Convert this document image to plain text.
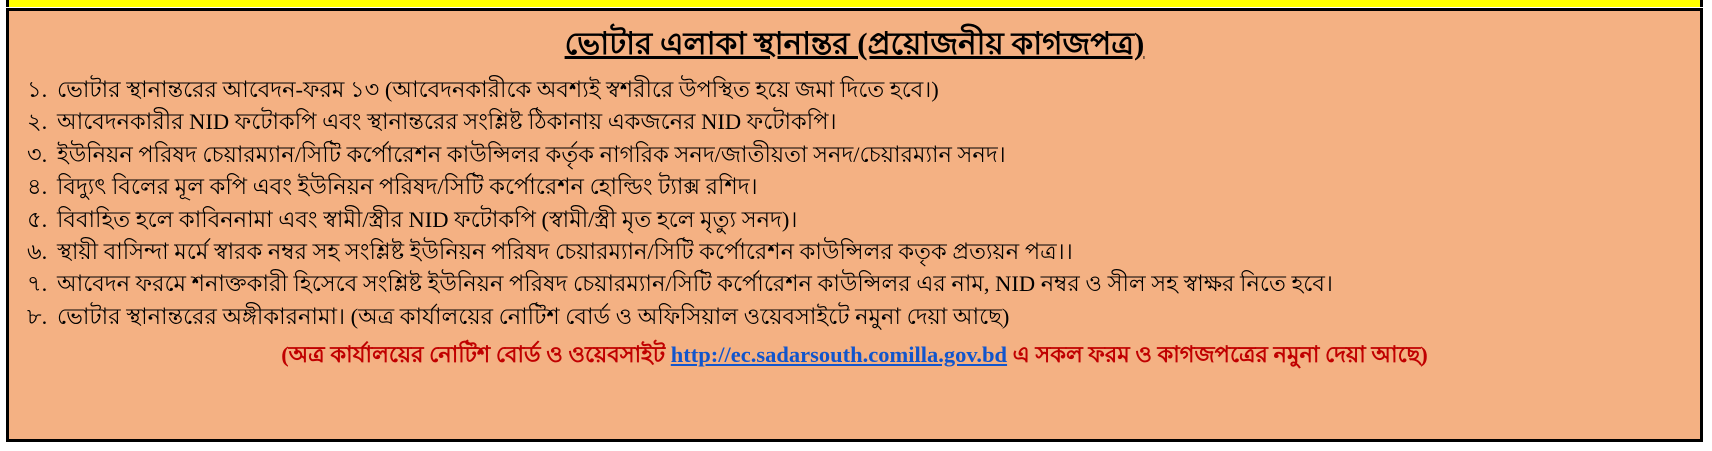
ভোটার এলাকা স্থানান্তর (প্রয়োজনীয় কাগজপত্র)
১. ভোটার স্থানান্তরের আবেদন-ফরম ১৩ (আবেদনকারীকে অবশ্যই স্বশরীরে উপস্থিত হয়ে জমা দিতে হবে।)
২. আবেদনকারীর NID ফটোকপি এবং স্থানান্তরের সংশ্লিষ্ট ঠিকানায় একজনের NID ফটোকপি।
৩. ইউনিয়ন পরিষদ চেয়ারম্যান/সিটি কর্পোরেশন কাউন্সিলর কর্তৃক নাগরিক সনদ/জাতীয়তা সনদ/চেয়ারম্যান সনদ।
৪. বিদ্যুৎ বিলের মূল কপি এবং ইউনিয়ন পরিষদ/সিটি কর্পোরেশন হোল্ডিং ট্যাক্স রশিদ।
৫. বিবাহিত হলে কাবিননামা এবং স্বামী/স্ত্রীর NID ফটোকপি (স্বামী/স্ত্রী মৃত হলে মৃত্যু সনদ)।
৬. স্থায়ী বাসিন্দা মর্মে স্বারক নম্বর সহ সংশ্লিষ্ট ইউনিয়ন পরিষদ চেয়ারম্যান/সিটি কর্পোরেশন কাউন্সিলর কতৃক প্রত্যয়ন পত্র।।
৭. আবেদন ফরমে শনাক্তকারী হিসেবে সংশ্লিষ্ট ইউনিয়ন পরিষদ চেয়ারম্যান/সিটি কর্পোরেশন কাউন্সিলর এর নাম, NID নম্বর ও সীল সহ স্বাক্ষর নিতে হবে।
৮. ভোটার স্থানান্তরের অঙ্গীকারনামা। (অত্র কার্যালয়ের নোটিশ বোর্ড ও অফিসিয়াল ওয়েবসাইটে নমুনা দেয়া আছে)
(অত্র কার্যালয়ের নোটিশ বোর্ড ও ওয়েবসাইট http://ec.sadarsouth.comilla.gov.bd এ সকল ফরম ও কাগজপত্রের নমুনা দেয়া আছে)
